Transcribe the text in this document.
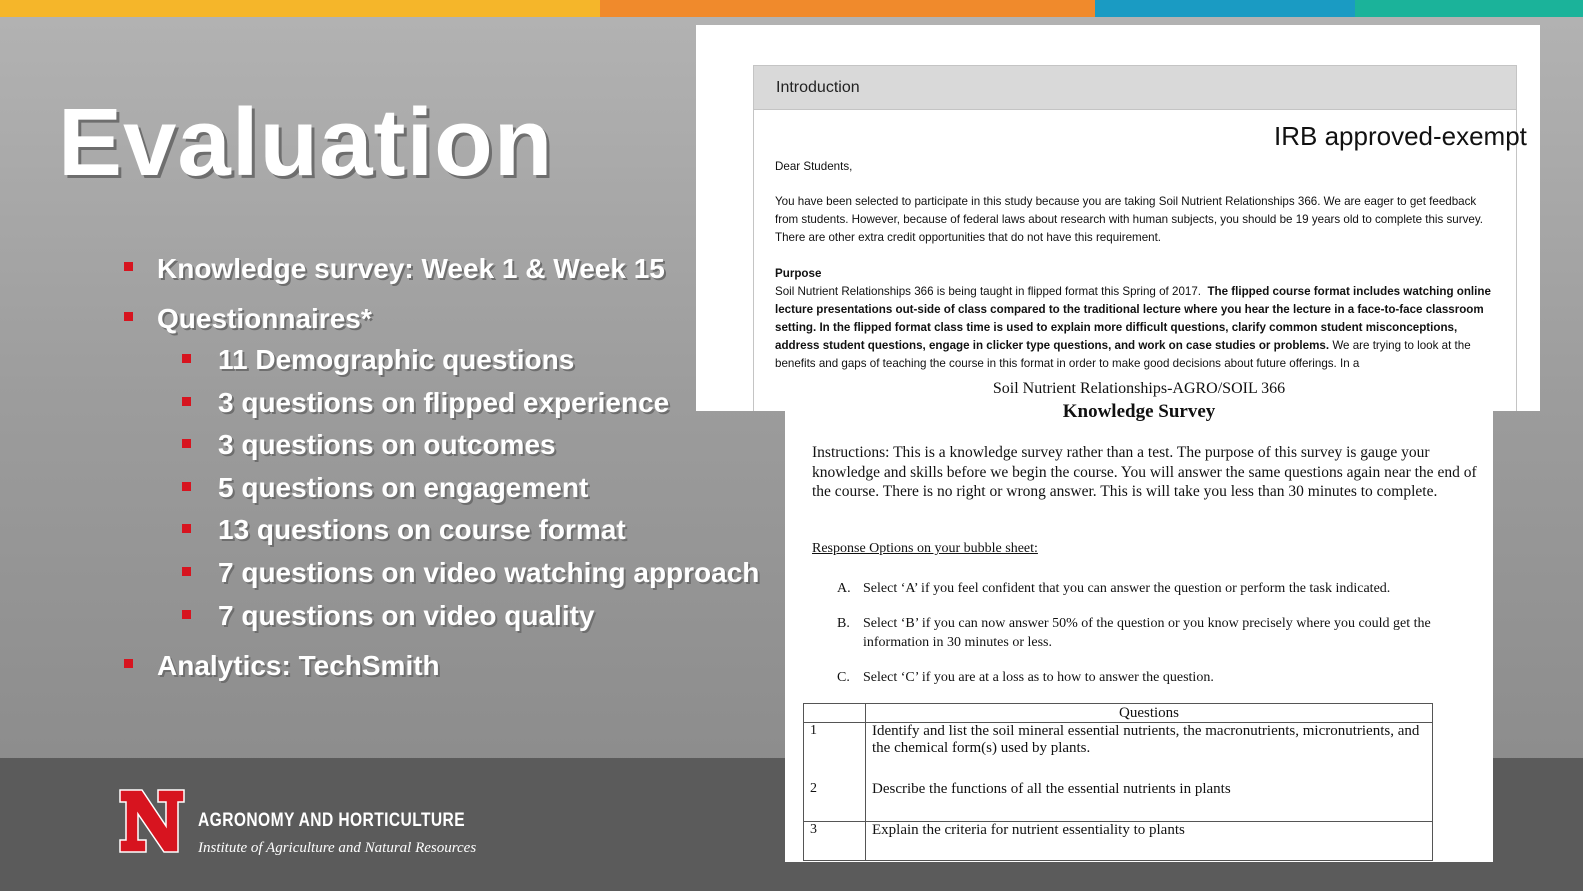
Evaluation
Knowledge survey: Week 1 & Week 15
Questionnaires*
11 Demographic questions
3 questions on flipped experience
3 questions on outcomes
5 questions on engagement
13 questions on course format
7 questions on video watching approach
7 questions on video quality
Analytics: TechSmith
AGRONOMY AND HORTICULTURE
Institute of Agriculture and Natural Resources
Introduction
IRB approved-exempt
Dear Students,
You have been selected to participate in this study because you are taking Soil Nutrient Relationships 366. We are eager to get feedback from students. However, because of federal laws about research with human subjects, you should be 19 years old to complete this survey. There are other extra credit opportunities that do not have this requirement.
Purpose
Soil Nutrient Relationships 366 is being taught in flipped format this Spring of 2017. The flipped course format includes watching online lecture presentations out-side of class compared to the traditional lecture where you hear the lecture in a face-to-face classroom setting. In the flipped format class time is used to explain more difficult questions, clarify common student misconceptions, address student questions, engage in clicker type questions, and work on case studies or problems. We are trying to look at the benefits and gaps of teaching the course in this format in order to make good decisions about future offerings. In a
Soil Nutrient Relationships-AGRO/SOIL 366
Knowledge Survey
Instructions: This is a knowledge survey rather than a test. The purpose of this survey is gauge your knowledge and skills before we begin the course. You will answer the same questions again near the end of the course. There is no right or wrong answer. This is will take you less than 30 minutes to complete.
Response Options on your bubble sheet:
A. Select ‘A’ if you feel confident that you can answer the question or perform the task indicated.
B. Select ‘B’ if you can now answer 50% of the question or you know precisely where you could get the information in 30 minutes or less.
C. Select ‘C’ if you are at a loss as to how to answer the question.
	Questions
1	Identify and list the soil mineral essential nutrients, the macronutrients, micronutrients, and the chemical form(s) used by plants.
2	Describe the functions of all the essential nutrients in plants
3	Explain the criteria for nutrient essentiality to plants
